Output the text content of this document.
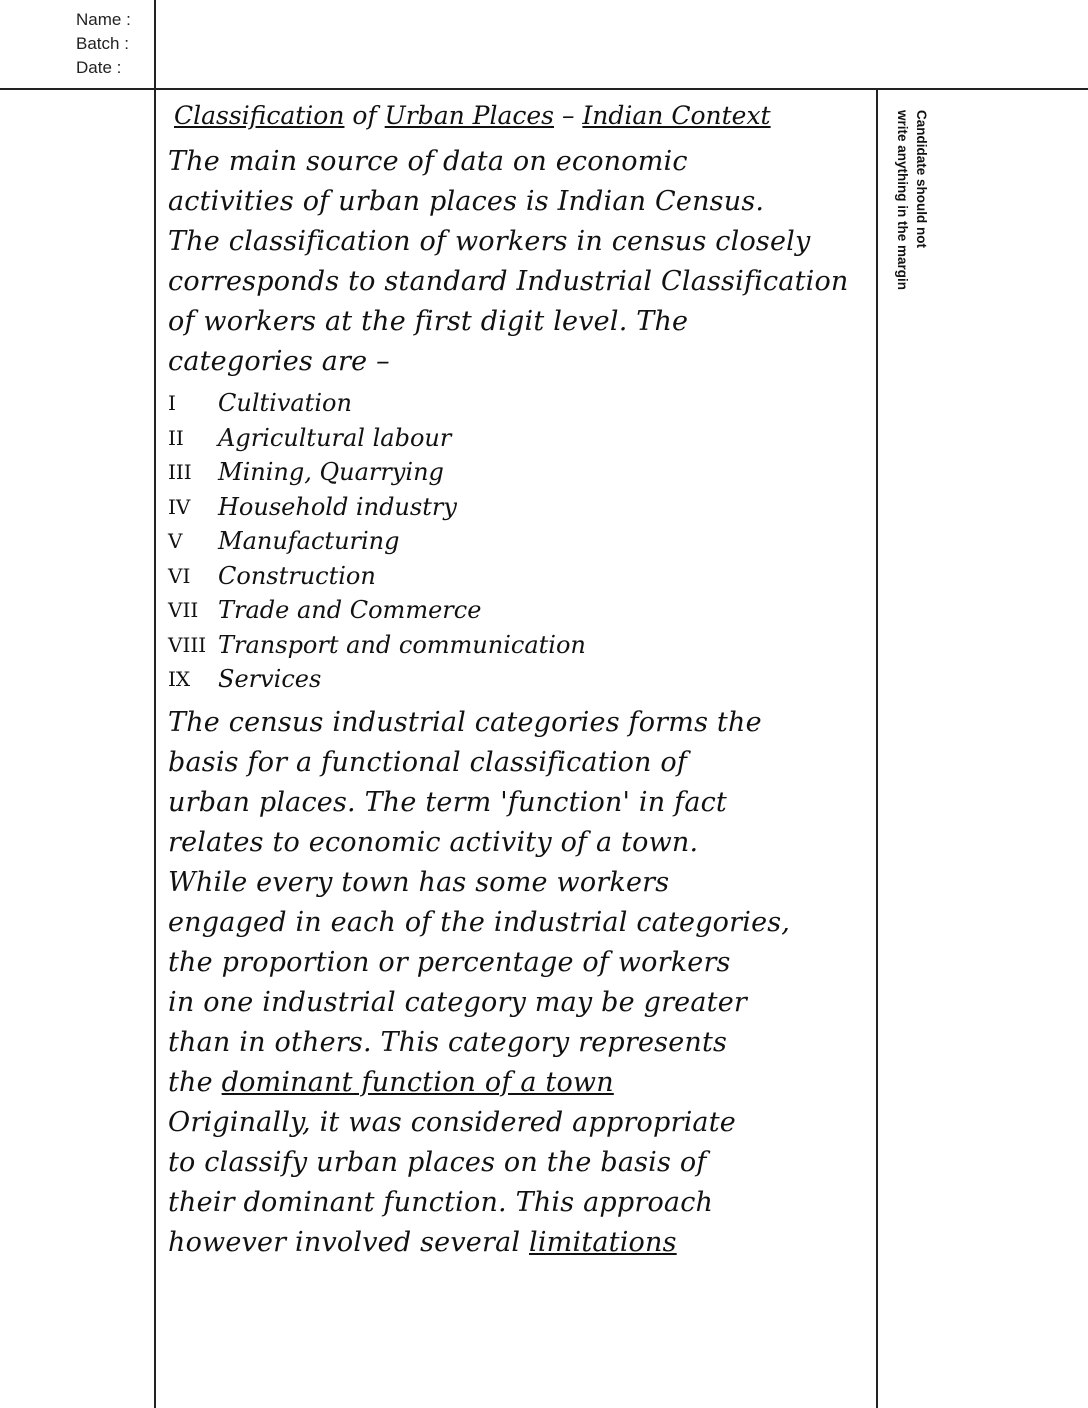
Name :
Batch :
Date :
Candidate should not
write anything in the margin
Classification of Urban Places – Indian Context
The main source of data on economic
activities of urban places is Indian Census.
The classification of workers in census closely
corresponds to standard Industrial Classification
of workers at the first digit level. The
categories are –
I	Cultivation
II	Agricultural labour
III	Mining, Quarrying
IV	Household industry
V	Manufacturing
VI	Construction
VII Trade and Commerce
VIII Transport and communication
IX	Services
The census industrial categories forms the
basis for a functional classification of
urban places. The term 'function' in fact
relates to economic activity of a town.
While every town has some workers
engaged in each of the industrial categories,
the proportion or percentage of workers
in one industrial category may be greater
than in others. This category represents
the dominant function of a town
Originally, it was considered appropriate
to classify urban places on the basis of
their dominant function. This approach
however involved several limitations
